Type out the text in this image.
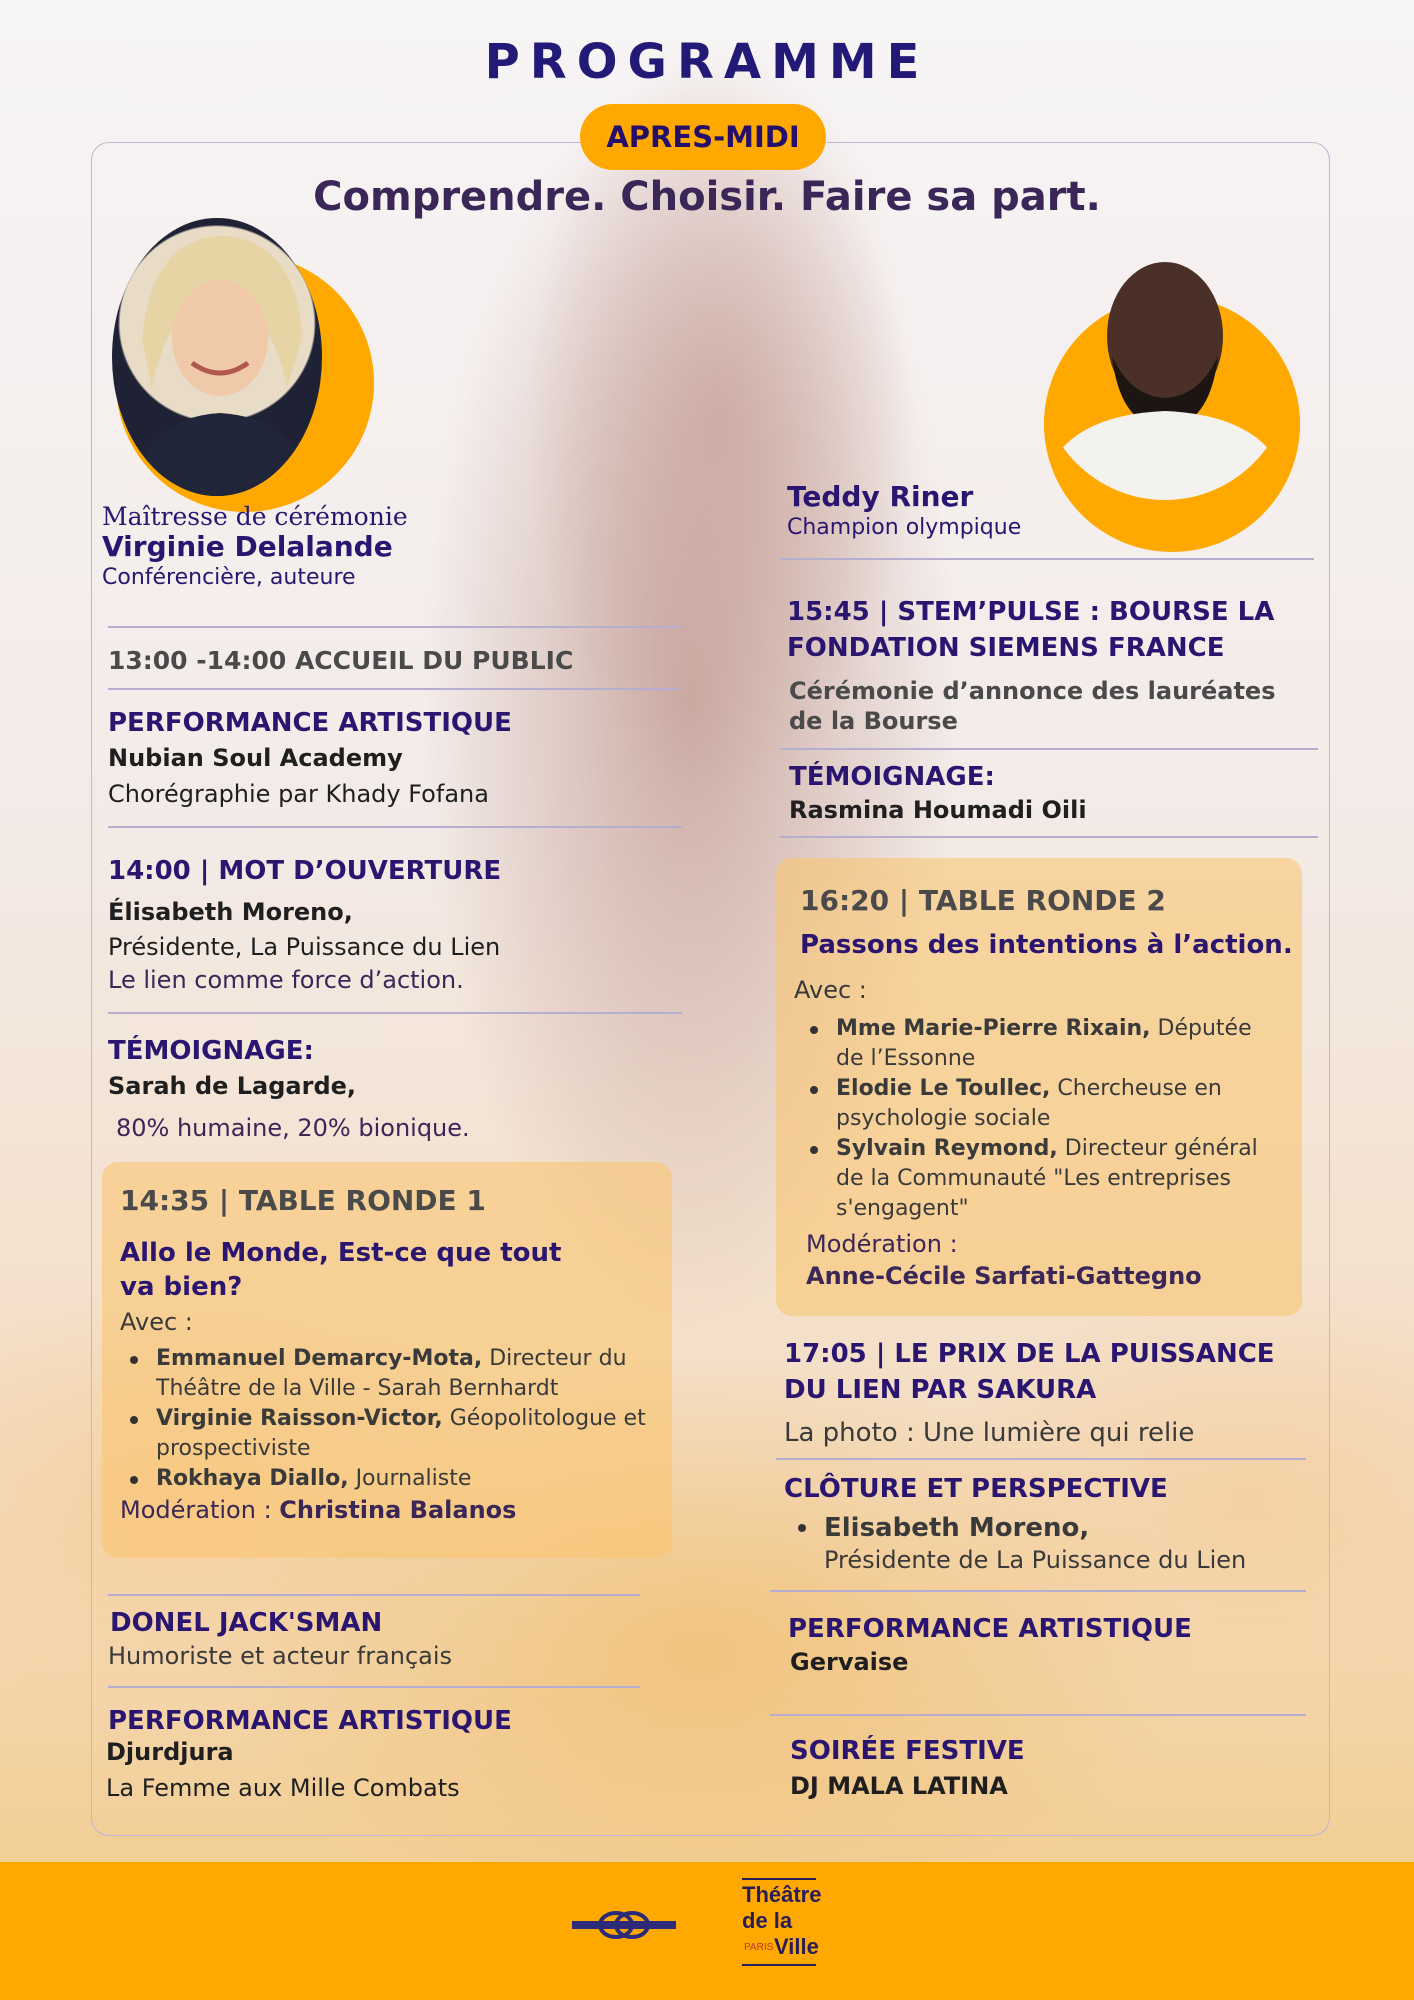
PROGRAMME
APRES-MIDI
Comprendre. Choisir. Faire sa part.
Maîtresse de cérémonie
Virginie Delalande
Conférencière, auteure
Teddy Riner
Champion olympique
13:00 -14:00 ACCUEIL DU PUBLIC
PERFORMANCE ARTISTIQUE
Nubian Soul Academy
Chorégraphie par Khady Fofana
14:00 | MOT D’OUVERTURE
Élisabeth Moreno,
Présidente, La Puissance du Lien
Le lien comme force d’action.
TÉMOIGNAGE:
Sarah de Lagarde,
80% humaine, 20% bionique.
14:35 | TABLE RONDE 1
Allo le Monde, Est-ce que tout va bien?
Avec :
Emmanuel Demarcy-Mota, Directeur du Théâtre de la Ville - Sarah Bernhardt
Virginie Raisson-Victor, Géopolitologue et prospectiviste
Rokhaya Diallo, Journaliste
Modération : Christina Balanos
DONEL JACK'SMAN
Humoriste et acteur français
PERFORMANCE ARTISTIQUE
Djurdjura
La Femme aux Mille Combats
15:45 | STEM’PULSE : BOURSE LA FONDATION SIEMENS FRANCE
Cérémonie d’annonce des lauréates de la Bourse
TÉMOIGNAGE:
Rasmina Houmadi Oili
16:20 | TABLE RONDE 2
Passons des intentions à l’action.
Avec :
Mme Marie-Pierre Rixain, Députée de l’Essonne
Elodie Le Toullec, Chercheuse en psychologie sociale
Sylvain Reymond, Directeur général de la Communauté "Les entreprises s'engagent"
Modération :
Anne-Cécile Sarfati-Gattegno
17:05 | LE PRIX DE LA PUISSANCE DU LIEN PAR SAKURA
La photo : Une lumière qui relie
CLÔTURE ET PERSPECTIVE
Elisabeth Moreno,
Présidente de La Puissance du Lien
PERFORMANCE ARTISTIQUE
Gervaise
SOIRÉE FESTIVE
DJ MALA LATINA
Théâtre
de la
PARIS Ville
